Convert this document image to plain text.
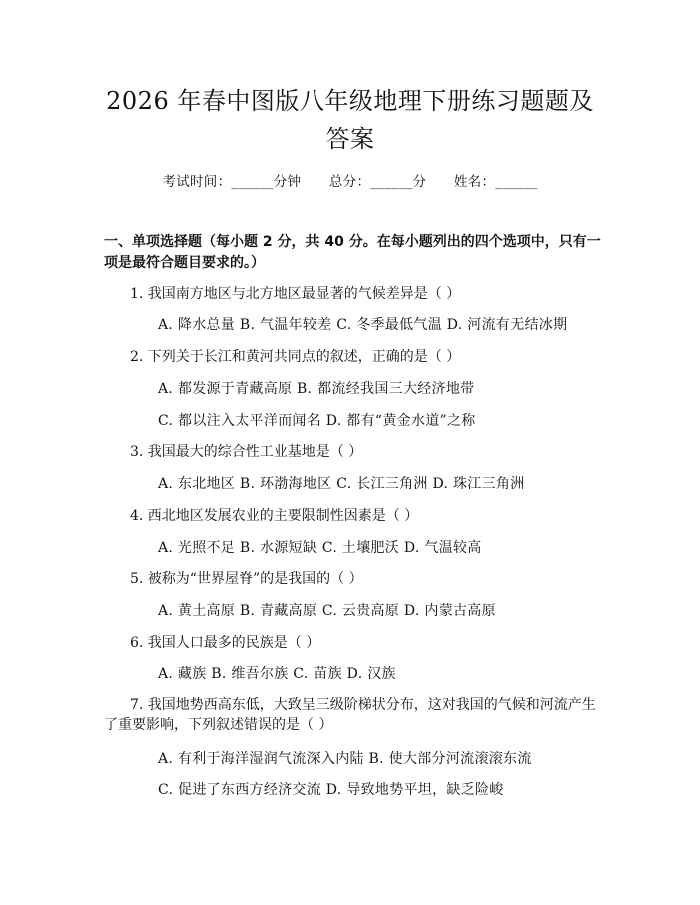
2026 年春中图版八年级地理下册练习题题及
答案
考试时间：______分钟      总分：______分      姓名：______
一、单项选择题（每小题 2 分，共 40 分。在每小题列出的四个选项中，只有一项是最符合题目要求的。）
1. 我国南方地区与北方地区最显著的气候差异是（ ）
A. 降水总量 B. 气温年较差 C. 冬季最低气温 D. 河流有无结冰期
2. 下列关于长江和黄河共同点的叙述，正确的是（ ）
A. 都发源于青藏高原 B. 都流经我国三大经济地带
C. 都以注入太平洋而闻名 D. 都有“黄金水道”之称
3. 我国最大的综合性工业基地是（ ）
A. 东北地区 B. 环渤海地区 C. 长江三角洲 D. 珠江三角洲
4. 西北地区发展农业的主要限制性因素是（ ）
A. 光照不足 B. 水源短缺 C. 土壤肥沃 D. 气温较高
5. 被称为“世界屋脊”的是我国的（ ）
A. 黄土高原 B. 青藏高原 C. 云贵高原 D. 内蒙古高原
6. 我国人口最多的民族是（ ）
A. 藏族 B. 维吾尔族 C. 苗族 D. 汉族
7. 我国地势西高东低，大致呈三级阶梯状分布，这对我国的气候和河流产生了重要影响，下列叙述错误的是（ ）
A. 有利于海洋湿润气流深入内陆 B. 使大部分河流滚滚东流
C. 促进了东西方经济交流 D. 导致地势平坦，缺乏险峻
